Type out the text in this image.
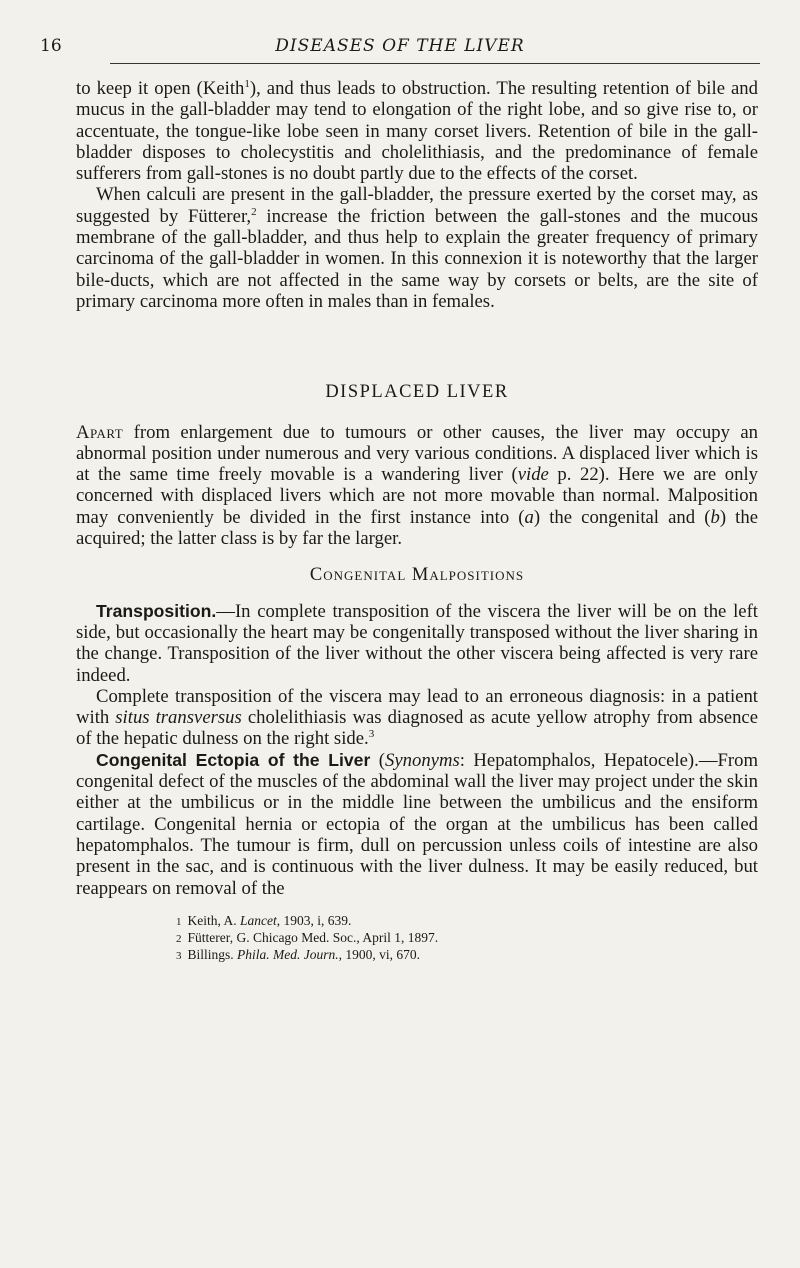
16	DISEASES OF THE LIVER

to keep it open (Keith$^1$), and thus leads to obstruction. The resulting retention of bile and mucus in the gall-bladder may tend to elongation of the right lobe, and so give rise to, or accentuate, the tongue-like lobe seen in many corset livers. Retention of bile in the gall-bladder disposes to cholecystitis and cholelithiasis, and the predominance of female sufferers from gall-stones is no doubt partly due to the effects of the corset.

When calculi are present in the gall-bladder, the pressure exerted by the corset may, as suggested by Fütterer,$^2$ increase the friction between the gall-stones and the mucous membrane of the gall-bladder, and thus help to explain the greater frequency of primary carcinoma of the gall-bladder in women. In this connexion it is noteworthy that the larger bile-ducts, which are not affected in the same way by corsets or belts, are the site of primary carcinoma more often in males than in females.

DISPLACED LIVER

Apart from enlargement due to tumours or other causes, the liver may occupy an abnormal position under numerous and very various conditions. A displaced liver which is at the same time freely movable is a wandering liver (vide p. 22). Here we are only concerned with displaced livers which are not more movable than normal. Malposition may conveniently be divided in the first instance into (a) the congenital and (b) the acquired; the latter class is by far the larger.

Congenital Malpositions

Transposition.—In complete transposition of the viscera the liver will be on the left side, but occasionally the heart may be congenitally transposed without the liver sharing in the change. Transposition of the liver without the other viscera being affected is very rare indeed.

Complete transposition of the viscera may lead to an erroneous diagnosis: in a patient with situs transversus cholelithiasis was diagnosed as acute yellow atrophy from absence of the hepatic dulness on the right side.$^3$

Congenital Ectopia of the Liver (Synonyms: Hepatomphalos, Hepatocele).—From congenital defect of the muscles of the abdominal wall the liver may project under the skin either at the umbilicus or in the middle line between the umbilicus and the ensiform cartilage. Congenital hernia or ectopia of the organ at the umbilicus has been called hepatomphalos. The tumour is firm, dull on percussion unless coils of intestine are also present in the sac, and is continuous with the liver dulness. It may be easily reduced, but reappears on removal of the

1 Keith, A. Lancet, 1903, i, 639.
2 Fütterer, G. Chicago Med. Soc., April 1, 1897.
3 Billings. Phila. Med. Journ., 1900, vi, 670.
